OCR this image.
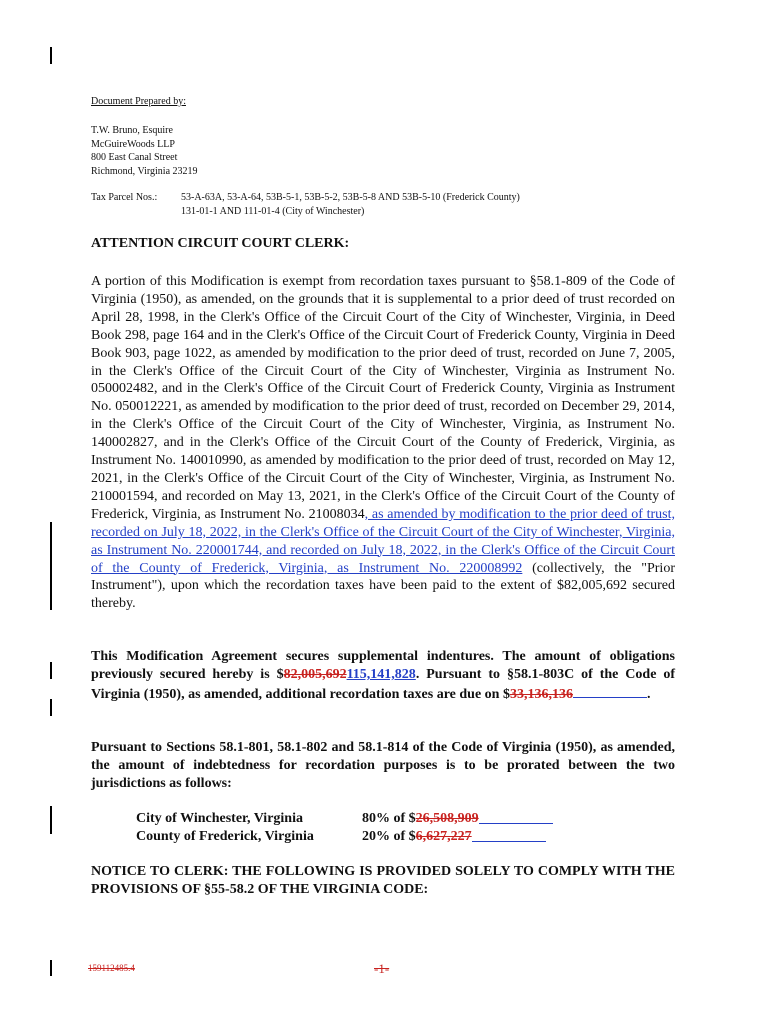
Document Prepared by:
T.W. Bruno, Esquire
McGuireWoods LLP
800 East Canal Street
Richmond, Virginia 23219
Tax Parcel Nos.:	53-A-63A, 53-A-64, 53B-5-1, 53B-5-2, 53B-5-8 AND 53B-5-10 (Frederick County)
131-01-1 AND 111-01-4 (City of Winchester)
ATTENTION CIRCUIT COURT CLERK:

A portion of this Modification is exempt from recordation taxes pursuant to §58.1-809 of the Code of Virginia (1950), as amended, on the grounds that it is supplemental to a prior deed of trust recorded on April 28, 1998, in the Clerk's Office of the Circuit Court of the City of Winchester, Virginia, in Deed Book 298, page 164 and in the Clerk's Office of the Circuit Court of Frederick County, Virginia in Deed Book 903, page 1022, as amended by modification to the prior deed of trust, recorded on June 7, 2005, in the Clerk's Office of the Circuit Court of the City of Winchester, Virginia as Instrument No. 050002482, and in the Clerk's Office of the Circuit Court of Frederick County, Virginia as Instrument No. 050012221, as amended by modification to the prior deed of trust, recorded on December 29, 2014, in the Clerk's Office of the Circuit Court of the City of Winchester, Virginia, as Instrument No. 140002827, and in the Clerk's Office of the Circuit Court of the County of Frederick, Virginia, as Instrument No. 140010990, as amended by modification to the prior deed of trust, recorded on May 12, 2021, in the Clerk's Office of the Circuit Court of the City of Winchester, Virginia, as Instrument No. 210001594, and recorded on May 13, 2021, in the Clerk's Office of the Circuit Court of the County of Frederick, Virginia, as Instrument No. 21008034, as amended by modification to the prior deed of trust, recorded on July 18, 2022, in the Clerk's Office of the Circuit Court of the City of Winchester, Virginia, as Instrument No. 220001744, and recorded on July 18, 2022, in the Clerk's Office of the Circuit Court of the County of Frederick, Virginia, as Instrument No. 220008992 (collectively, the "Prior Instrument"), upon which the recordation taxes have been paid to the extent of $82,005,692 secured thereby.

This Modification Agreement secures supplemental indentures. The amount of obligations previously secured hereby is $82,005,692115,141,828. Pursuant to §58.1-803C of the Code of Virginia (1950), as amended, additional recordation taxes are due on $33,136,136	.

Pursuant to Sections 58.1-801, 58.1-802 and 58.1-814 of the Code of Virginia (1950), as amended, the amount of indebtedness for recordation purposes is to be prorated between the two jurisdictions as follows:

City of Winchester, Virginia	80% of $ 26,508,909
County of Frederick, Virginia	20% of $ 6,627,227

NOTICE TO CLERK: THE FOLLOWING IS PROVIDED SOLELY TO COMPLY WITH THE PROVISIONS OF §55-58.2 OF THE VIRGINIA CODE:

159112485.4	-1-
